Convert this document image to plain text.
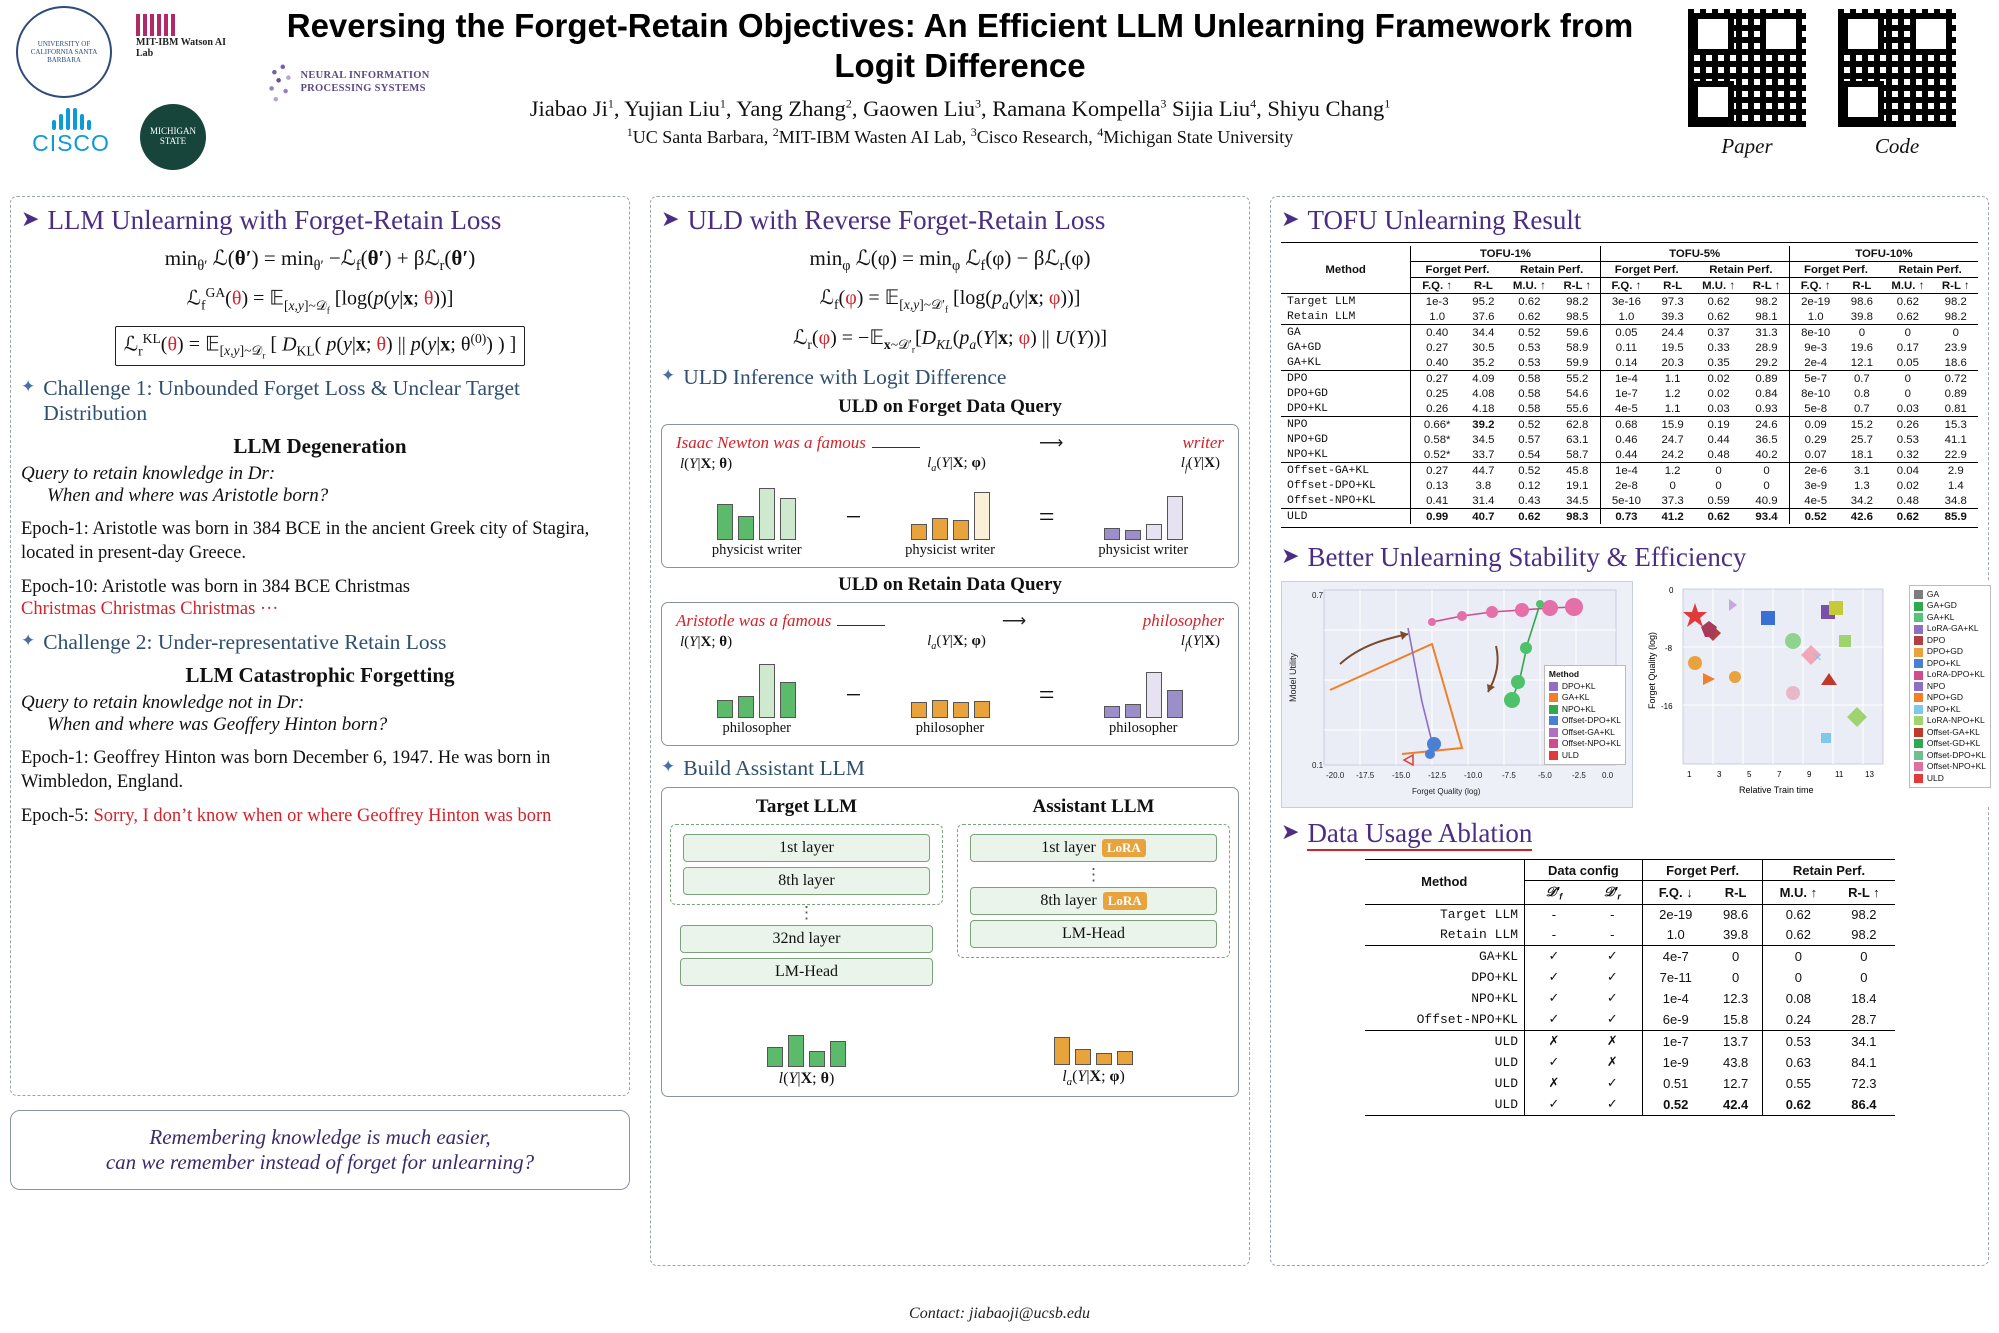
UNIVERSITY OF CALIFORNIA SANTA BARBARA
MIT-IBM Watson AI Lab
CISCO	MICHIGAN STATE
NEURAL INFORMATION PROCESSING SYSTEMS
Reversing the Forget-Retain Objectives: An Efficient LLM Unlearning Framework from Logit Difference
Jiabao Ji$^1$, Yujian Liu$^1$, Yang Zhang$^2$, Gaowen Liu$^3$, Ramana Kompella$^3$ Sijia Liu$^4$, Shiyu Chang$^1$
$^1$UC Santa Barbara, $^2$MIT-IBM Wasten AI Lab, $^3$Cisco Research, $^4$Michigan State University	Paper	Code
➤ LLM Unlearning with Forget-Retain Loss
$\min_{\theta'}$ ℒ(θ′) = $\min_{\theta'}$ −ℒ$_f$(θ′) + βℒ$_r$(θ′)
ℒ$_f^{GA}$(θ) = 𝔼$_{[x,y]\sim 𝒟_f}$ [log(p(y|x; θ))]
ℒ$_r^{KL}$(θ) = 𝔼$_{[x,y]\sim 𝒟_r}$ [ $D_{KL}$( p(y|x; θ) || p(y|x; $\theta^{(0)}$) ) ]
✦ Challenge 1: Unbounded Forget Loss & Unclear Target Distribution
LLM Degeneration
Query to retain knowledge in Dr:
When and where was Aristotle born?
Epoch-1: Aristotle was born in 384 BCE in the ancient Greek city of Stagira, located in present-day Greece.
Epoch-10: Aristotle was born in 384 BCE Christmas
Christmas Christmas Christmas ···
✦ Challenge 2: Under-representative Retain Loss
LLM Catastrophic Forgetting
Query to retain knowledge not in Dr:
When and where was Geoffery Hinton born?
Epoch-1: Geoffrey Hinton was born December 6, 1947. He was born in Wimbledon, England.
Epoch-5: Sorry, I don’t know when or where Geoffrey Hinton was born
Remembering knowledge is much easier,
can we remember instead of forget for unlearning?
➤ ULD with Reverse Forget-Retain Loss
$\min_\varphi$ ℒ(φ) = $\min_\varphi$ ℒ$_f$(φ) − βℒ$_r$(φ)
ℒ$_f$(φ) = 𝔼$_{[x,y]\sim 𝒟'_f}$ [$\log(p_a(y|x$; φ))]
ℒ$_r$(φ) = $-𝔼_{x\sim 𝒟'_r}[D_{KL}(p_a(Y|x$; φ) || U(Y))]
✦ ULD Inference with Logit Difference
ULD on Forget Data Query
Isaac Newton was a famous	⟶	writer
l(Y|X; θ)	$l_a(Y|X$; φ)	$l_f(Y|X)$
physicist writer
−
physicist writer
=
physicist writer
ULD on Retain Data Query
Aristotle was a famous	⟶	philosopher
l(Y|X; θ)	$l_a(Y|X$; φ)	$l_f(Y|X)$
philosopher
−
philosopher
=
philosopher
✦ Build Assistant LLM
Target LLM
1st layer
8th layer
⋮
32nd layer
LM-Head
Assistant LLM
1st layer LoRA
⋮
8th layer LoRA
LM-Head
l(Y|X; θ)	$l_a(Y|X$; φ)
➤ TOFU Unlearning Result
Method	TOFU-1%				TOFU-5%				TOFU-10%			
	Forget Perf.		Retain Perf.		Forget Perf.		Retain Perf.		Forget Perf.		Retain Perf.	
	F.Q. ↑	R-L	M.U. ↑	R-L ↑	F.Q. ↑	R-L	M.U. ↑	R-L ↑	F.Q. ↑	R-L	M.U. ↑	R-L ↑
Target LLM	1e-3	95.2	0.62	98.2	3e-16	97.3	0.62	98.2	2e-19	98.6	0.62	98.2
Retain LLM	1.0	37.6	0.62	98.5	1.0	39.3	0.62	98.1	1.0	39.8	0.62	98.2
GA	0.40	34.4	0.52	59.6	0.05	24.4	0.37	31.3	8e-10	0	0	0
GA+GD	0.27	30.5	0.53	58.9	0.11	19.5	0.33	28.9	9e-3	19.6	0.17	23.9
GA+KL	0.40	35.2	0.53	59.9	0.14	20.3	0.35	29.2	2e-4	12.1	0.05	18.6
DPO	0.27	4.09	0.58	55.2	1e-4	1.1	0.02	0.89	5e-7	0.7	0	0.72
DPO+GD	0.25	4.08	0.58	54.6	1e-7	1.2	0.02	0.84	8e-10	0.8	0	0.89
DPO+KL	0.26	4.18	0.58	55.6	4e-5	1.1	0.03	0.93	5e-8	0.7	0.03	0.81
NPO	0.66*	39.2	0.52	62.8	0.68	15.9	0.19	24.6	0.09	15.2	0.26	15.3
NPO+GD	0.58*	34.5	0.57	63.1	0.46	24.7	0.44	36.5	0.29	25.7	0.53	41.1
NPO+KL	0.52*	33.7	0.54	58.7	0.44	24.2	0.48	40.2	0.07	18.1	0.32	22.9
Offset-GA+KL	0.27	44.7	0.52	45.8	1e-4	1.2	0	0	2e-6	3.1	0.04	2.9
Offset-DPO+KL	0.13	3.8	0.12	19.1	2e-8	0	0	0	3e-9	1.3	0.02	1.4
Offset-NPO+KL	0.41	31.4	0.43	34.5	5e-10	37.3	0.59	40.9	4e-5	34.2	0.48	34.8
ULD	0.99	40.7	0.62	98.3	0.73	41.2	0.62	93.4	0.52	42.6	0.62	85.9
➤ Better Unlearning Stability & Efficiency
0.1
0.7
-20.0 -17.5 -15.0 -12.5 -10.0 -7.5	-5.0	-2.5 0.0
Forget Quality (log)
Model Utility	Method
DPO+KL
GA+KL
NPO+KL
Offset-DPO+KL
Offset-GA+KL
Offset-NPO+KL
ULD
✕
1	3	5	7	9	11	13
0
-8
-16
Relative Train time
Forget Quality (log)
GA
GA+GD
GA+KL
LoRA-GA+KL
DPO
DPO+GD
DPO+KL
LoRA-DPO+KL
NPO
NPO+GD
NPO+KL
LoRA-NPO+KL
Offset-GA+KL
Offset-GD+KL
Offset-DPO+KL
Offset-NPO+KL
ULD
➤ Data Usage Ablation
Method	Data config		Forget Perf.		Retain Perf.	
	$𝒟'_f$	$𝒟'_r$	F.Q. ↓	R-L	M.U. ↑	R-L ↑
Target LLM	-	-	2e-19	98.6	0.62	98.2
Retain LLM	-	-	1.0	39.8	0.62	98.2
GA+KL	✓	✓	4e-7	0	0	0
DPO+KL	✓	✓	7e-11	0	0	0
NPO+KL	✓	✓	1e-4	12.3	0.08	18.4
Offset-NPO+KL	✓	✓	6e-9	15.8	0.24	28.7
ULD	✗	✗	1e-7	13.7	0.53	34.1
ULD	✓	✗	1e-9	43.8	0.63	84.1
ULD	✗	✓	0.51	12.7	0.55	72.3
ULD	✓	✓	0.52	42.4	0.62	86.4
Contact: jiabaoji@ucsb.edu
